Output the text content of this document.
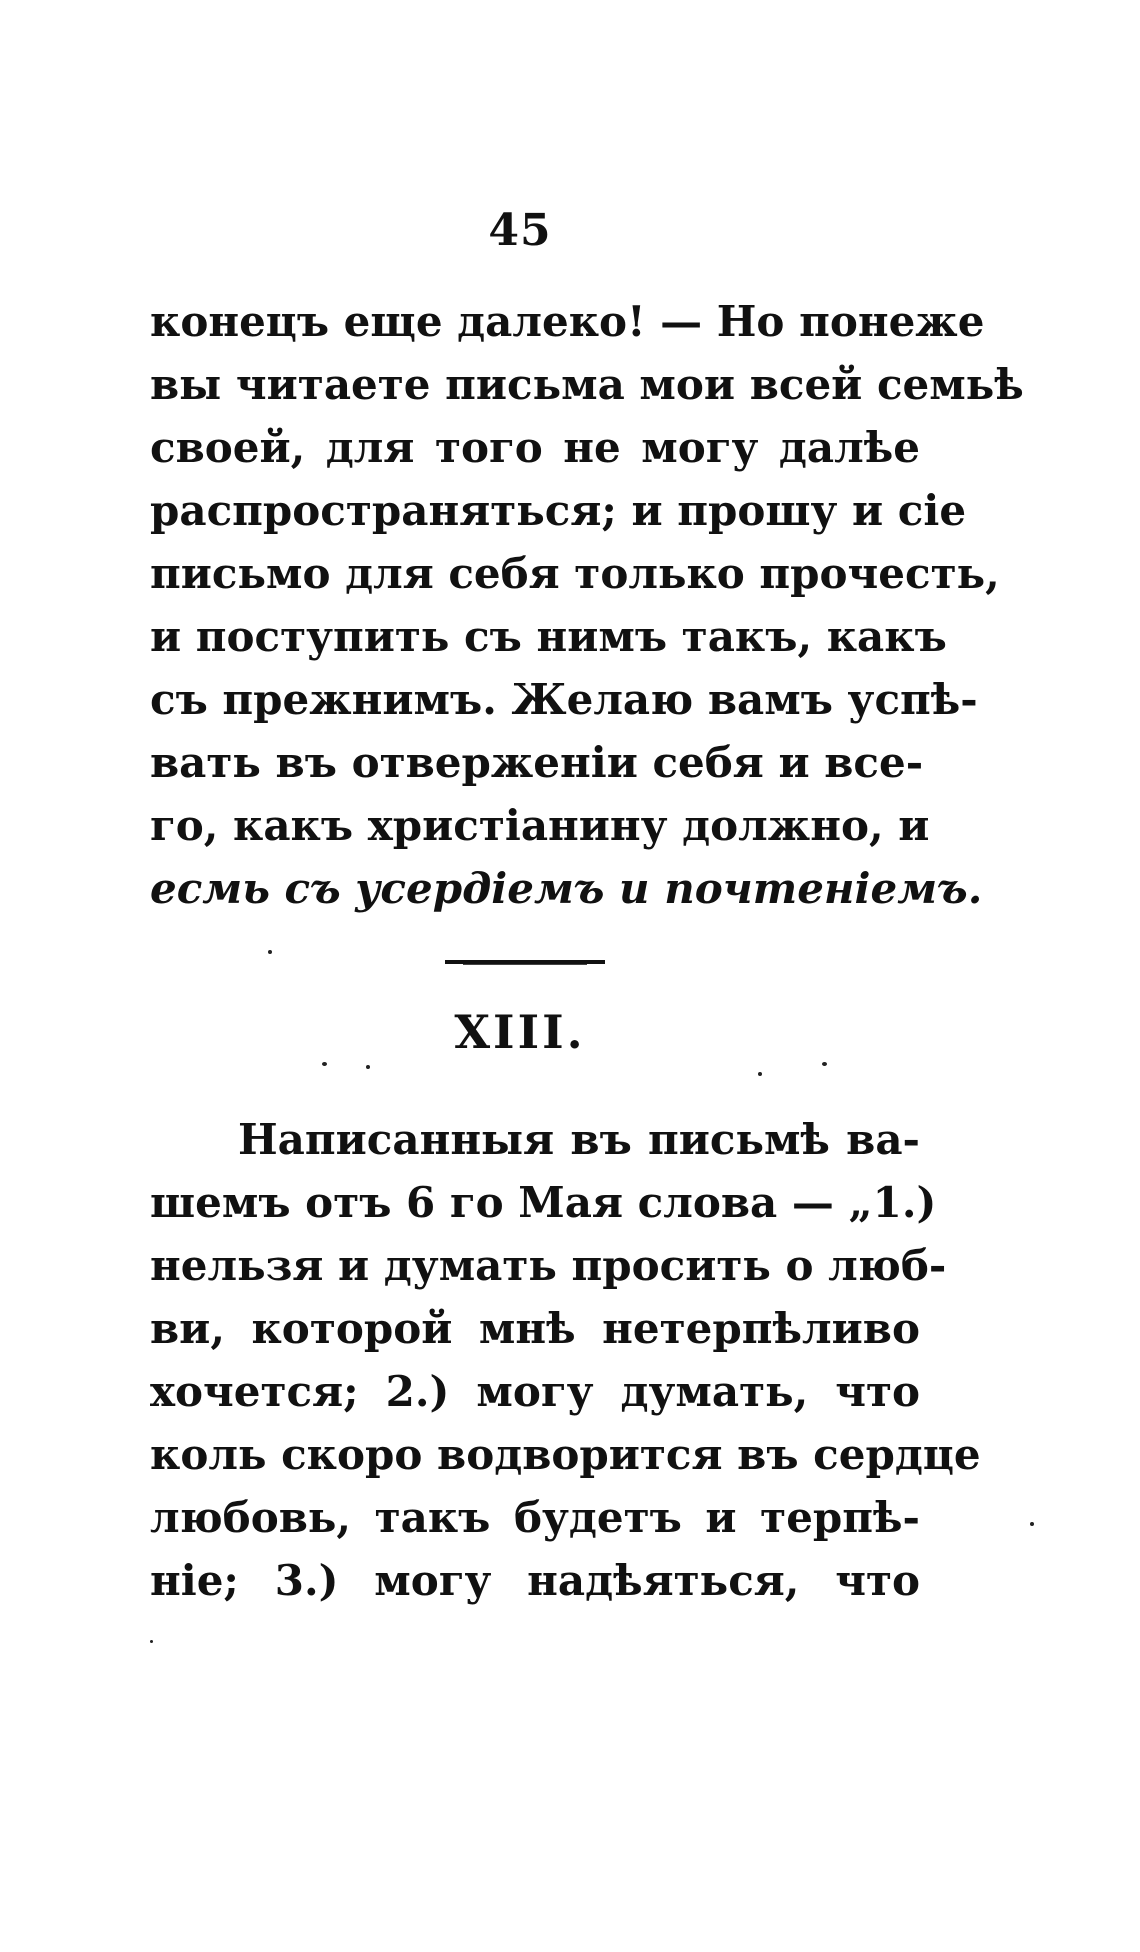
45
конецъ еще далеко! — Но понеже
вы читаете письма мои всей семьѣ
своей, для того не могу далѣе
распространяться; и прошу и сіе
письмо для себя только прочесть,
и поступить съ нимъ такъ, какъ
съ прежнимъ. Желаю вамъ успѣ-
вать въ отверженіи себя и все-
го, какъ христіанину должно, и
есмь съ усердіемъ и почтеніемъ.
XIII.
Написанныя въ письмѣ ва-
шемъ отъ 6 го Мая слова — „1.)
нельзя и думать просить о люб-
ви, которой мнѣ нетерпѣливо
хочется; 2.) могу думать, что
коль скоро водворится въ сердце
любовь, такъ будетъ и терпѣ-
ніе; 3.) могу надѣяться, что
